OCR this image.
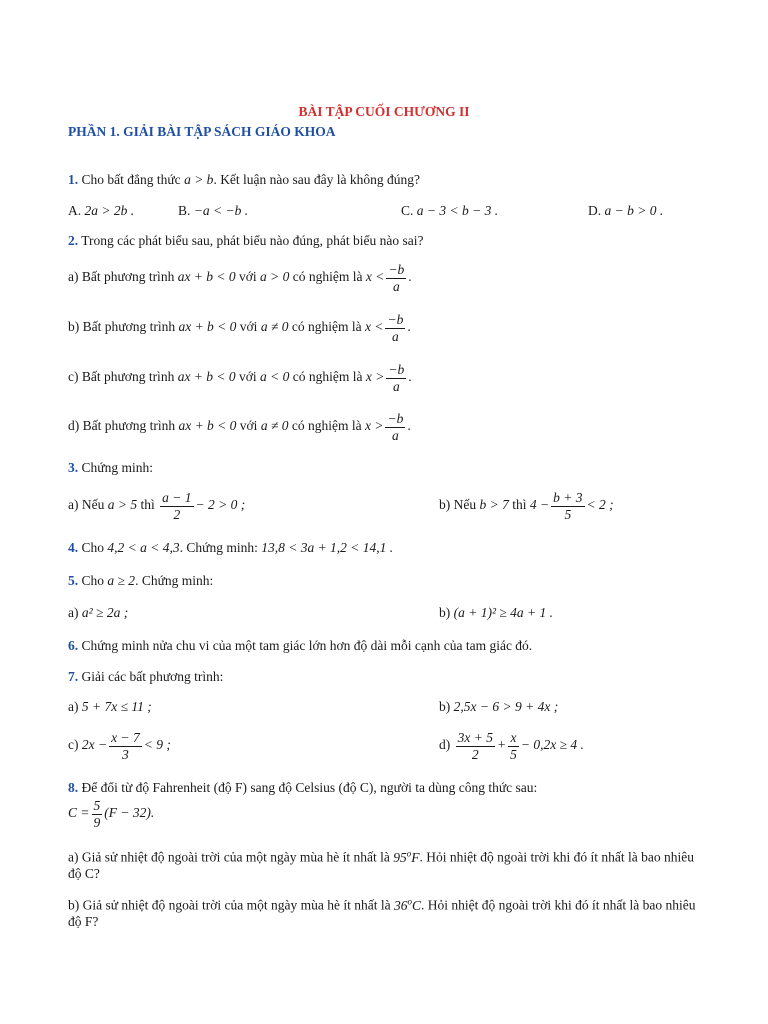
BÀI TẬP CUỐI CHƯƠNG II
PHẦN 1. GIẢI BÀI TẬP SÁCH GIÁO KHOA
1. Cho bất đẳng thức a > b. Kết luận nào sau đây là không đúng?
A. 2a > 2b .	B. −a < −b .	C. a − 3 < b − 3 .	D. a − b > 0 .
2. Trong các phát biểu sau, phát biểu nào đúng, phát biểu nào sai?
a) Bất phương trình ax + b < 0 với a > 0 có nghiệm là $x < \frac{-b}{a}$ .
b) Bất phương trình ax + b < 0 với a ≠ 0 có nghiệm là $x < \frac{-b}{a}$ .
c) Bất phương trình ax + b < 0 với a < 0 có nghiệm là $x > \frac{-b}{a}$ .
d) Bất phương trình ax + b < 0 với a ≠ 0 có nghiệm là $x > \frac{-b}{a}$ .
3. Chứng minh:
a) Nếu a > 5 thì $\frac{a - 1}{2} - 2 > 0$ ;	b) Nếu b > 7 thì $4 - \frac{b + 3}{5} < 2$ ;
4. Cho 4,2 < a < 4,3. Chứng minh: 13,8 < 3a + 1,2 < 14,1 .
5. Cho a ≥ 2. Chứng minh:
a) a² ≥ 2a ;	b) (a + 1)² ≥ 4a + 1 .
6. Chứng minh nửa chu vi của một tam giác lớn hơn độ dài mỗi cạnh của tam giác đó.
7. Giải các bất phương trình:
a) 5 + 7x ≤ 11 ;	b) 2,5x − 6 > 9 + 4x ;
c) $2x - \frac{x - 7}{3} < 9$ ;	$d) \frac{3x + 5}{2} + \frac{x}{5} - 0,2x \ge 4$ .
8. Để đổi từ độ Fahrenheit (độ F) sang độ Celsius (độ C), người ta dùng công thức sau:
$C = \frac{5}{9} (F - 32)$.
a) Giả sử nhiệt độ ngoài trời của một ngày mùa hè ít nhất là 95$^o$F. Hỏi nhiệt độ ngoài trời khi đó ít nhất là bao nhiêu độ C?
b) Giả sử nhiệt độ ngoài trời của một ngày mùa hè ít nhất là 36$^o$C. Hỏi nhiệt độ ngoài trời khi đó ít nhất là bao nhiêu độ F?
